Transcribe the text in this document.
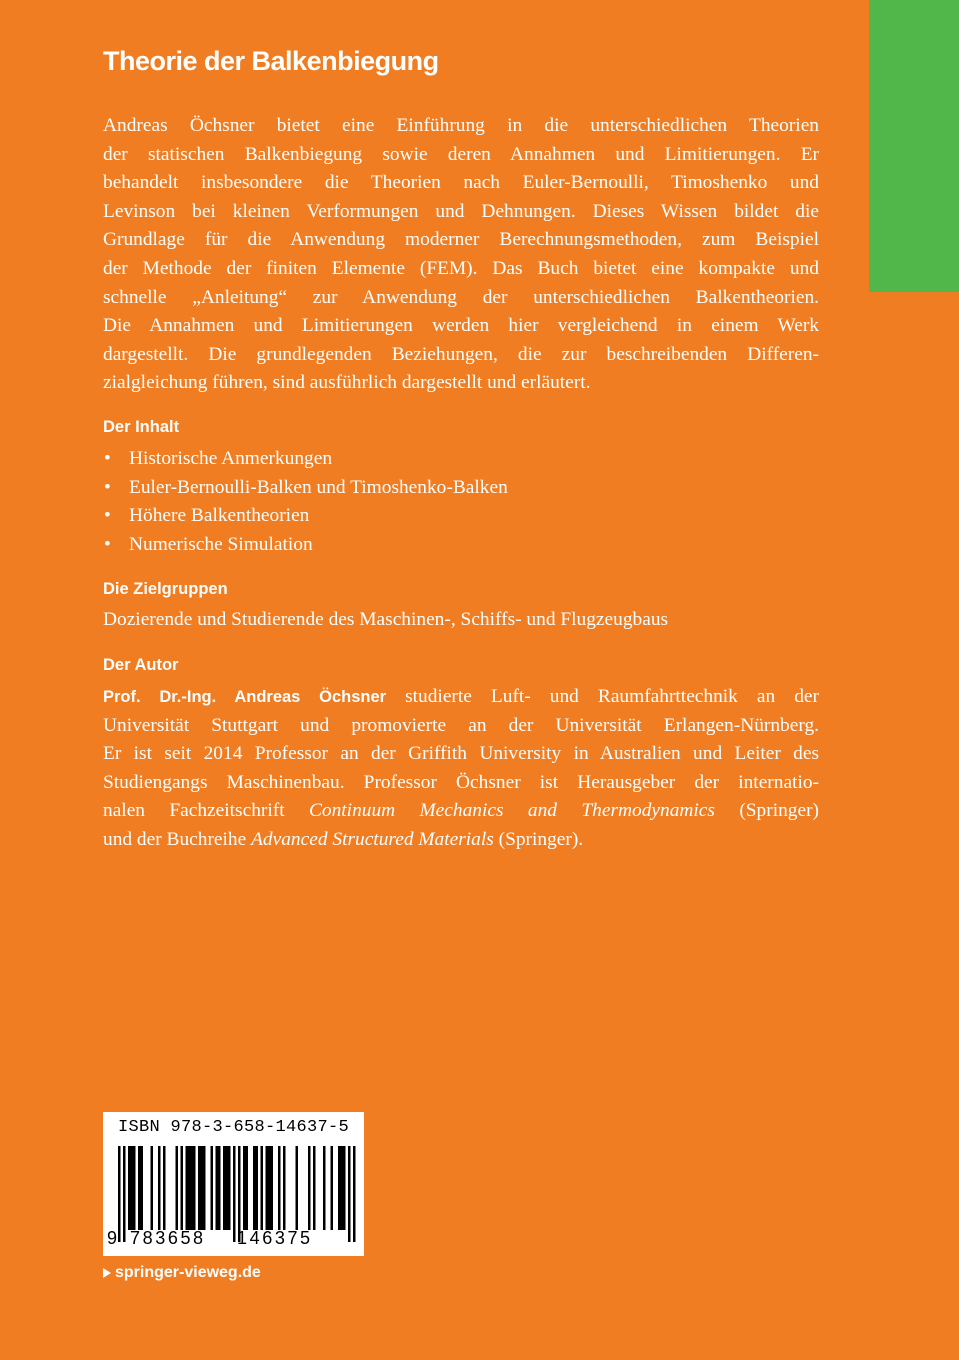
Theorie der Balkenbiegung

Andreas Öchsner bietet eine Einführung in die unterschiedlichen Theorien
der statischen Balkenbiegung sowie deren Annahmen und Limitierungen. Er
behandelt insbesondere die Theorien nach Euler-Bernoulli, Timoshenko und
Levinson bei kleinen Verformungen und Dehnungen. Dieses Wissen bildet die
Grundlage für die Anwendung moderner Berechnungsmethoden, zum Beispiel
der Methode der finiten Elemente (FEM). Das Buch bietet eine kompakte und
schnelle „Anleitung“ zur Anwendung der unterschiedlichen Balkentheorien.
Die Annahmen und Limitierungen werden hier vergleichend in einem Werk
dargestellt. Die grundlegenden Beziehungen, die zur beschreibenden Differen-
zialgleichung führen, sind ausführlich dargestellt und erläutert.

Der Inhalt
• Historische Anmerkungen
• Euler-Bernoulli-Balken und Timoshenko-Balken
• Höhere Balkentheorien
• Numerische Simulation
Die Zielgruppen

Dozierende und Studierende des Maschinen-, Schiffs- und Flugzeugbaus

Der Autor

Prof. Dr.-Ing. Andreas Öchsner studierte Luft- und Raumfahrttechnik an der
Universität Stuttgart und promovierte an der Universität Erlangen-Nürnberg.
Er ist seit 2014 Professor an der Griffith University in Australien und Leiter des
Studiengangs Maschinenbau. Professor Öchsner ist Herausgeber der internatio-
nalen Fachzeitschrift Continuum Mechanics and Thermodynamics (Springer)
und der Buchreihe Advanced Structured Materials (Springer).

ISBN 978-3-658-14637-5
9 783658 146375
springer-vieweg.de
